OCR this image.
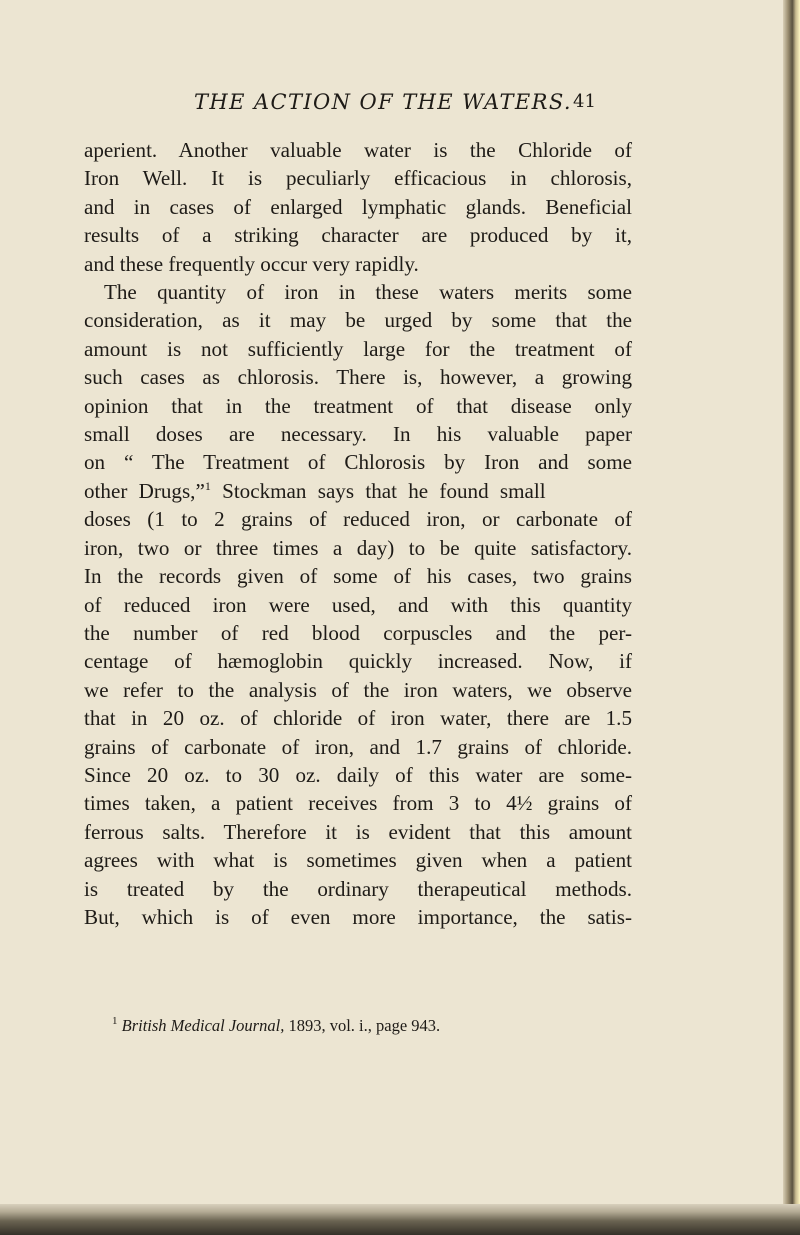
THE ACTION OF THE WATERS. 41
aperient. Another valuable water is the Chloride of
Iron Well. It is peculiarly efficacious in chlorosis,
and in cases of enlarged lymphatic glands. Beneficial
results of a striking character are produced by it,
and these frequently occur very rapidly.
The quantity of iron in these waters merits some
consideration, as it may be urged by some that the
amount is not sufficiently large for the treatment of
such cases as chlorosis. There is, however, a growing
opinion that in the treatment of that disease only
small doses are necessary. In his valuable paper
on “ The Treatment of Chlorosis by Iron and some
other Drugs,”$^1$ Stockman says that he found small
doses (1 to 2 grains of reduced iron, or carbonate of
iron, two or three times a day) to be quite satisfactory.
In the records given of some of his cases, two grains
of reduced iron were used, and with this quantity
the number of red blood corpuscles and the per-
centage of hæmoglobin quickly increased. Now, if
we refer to the analysis of the iron waters, we observe
that in 20 oz. of chloride of iron water, there are 1.5
grains of carbonate of iron, and 1.7 grains of chloride.
Since 20 oz. to 30 oz. daily of this water are some-
times taken, a patient receives from 3 to 4½ grains of
ferrous salts. Therefore it is evident that this amount
agrees with what is sometimes given when a patient
is treated by the ordinary therapeutical methods.
But, which is of even more importance, the satis-
$^1$ British Medical Journal, 1893, vol. i., page 943.
